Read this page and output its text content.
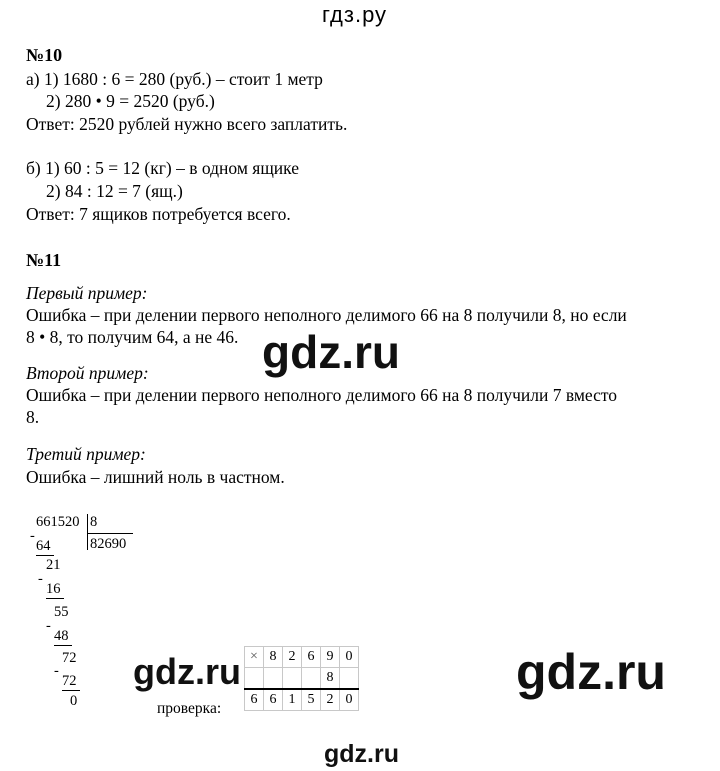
гдз.ру
№10
а) 1) 1680 : 6 = 280 (руб.) – стоит 1 метр
2) 280 • 9 = 2520 (руб.)
Ответ: 2520 рублей нужно всего заплатить.
б) 1) 60 : 5 = 12 (кг) – в одном ящике
2) 84 : 12 = 7 (ящ.)
Ответ: 7 ящиков потребуется всего.
№11
Первый пример:
Ошибка – при делении первого неполного делимого 66 на 8 получили 8, но если
8 • 8, то получим 64, а не 46.
Второй пример:
Ошибка – при делении первого неполного делимого 66 на 8 получили 7 вместо
8.
Третий пример:
Ошибка – лишний ноль в частном.
gdz.ru
661520 8
82690
-
64
21
-
16
55
-
48
72
-
72
0
gdz.ru
проверка:
×	8	2	6	9	0
				8	
6	6	1	5	2	0	gdz.ru
gdz.ru
